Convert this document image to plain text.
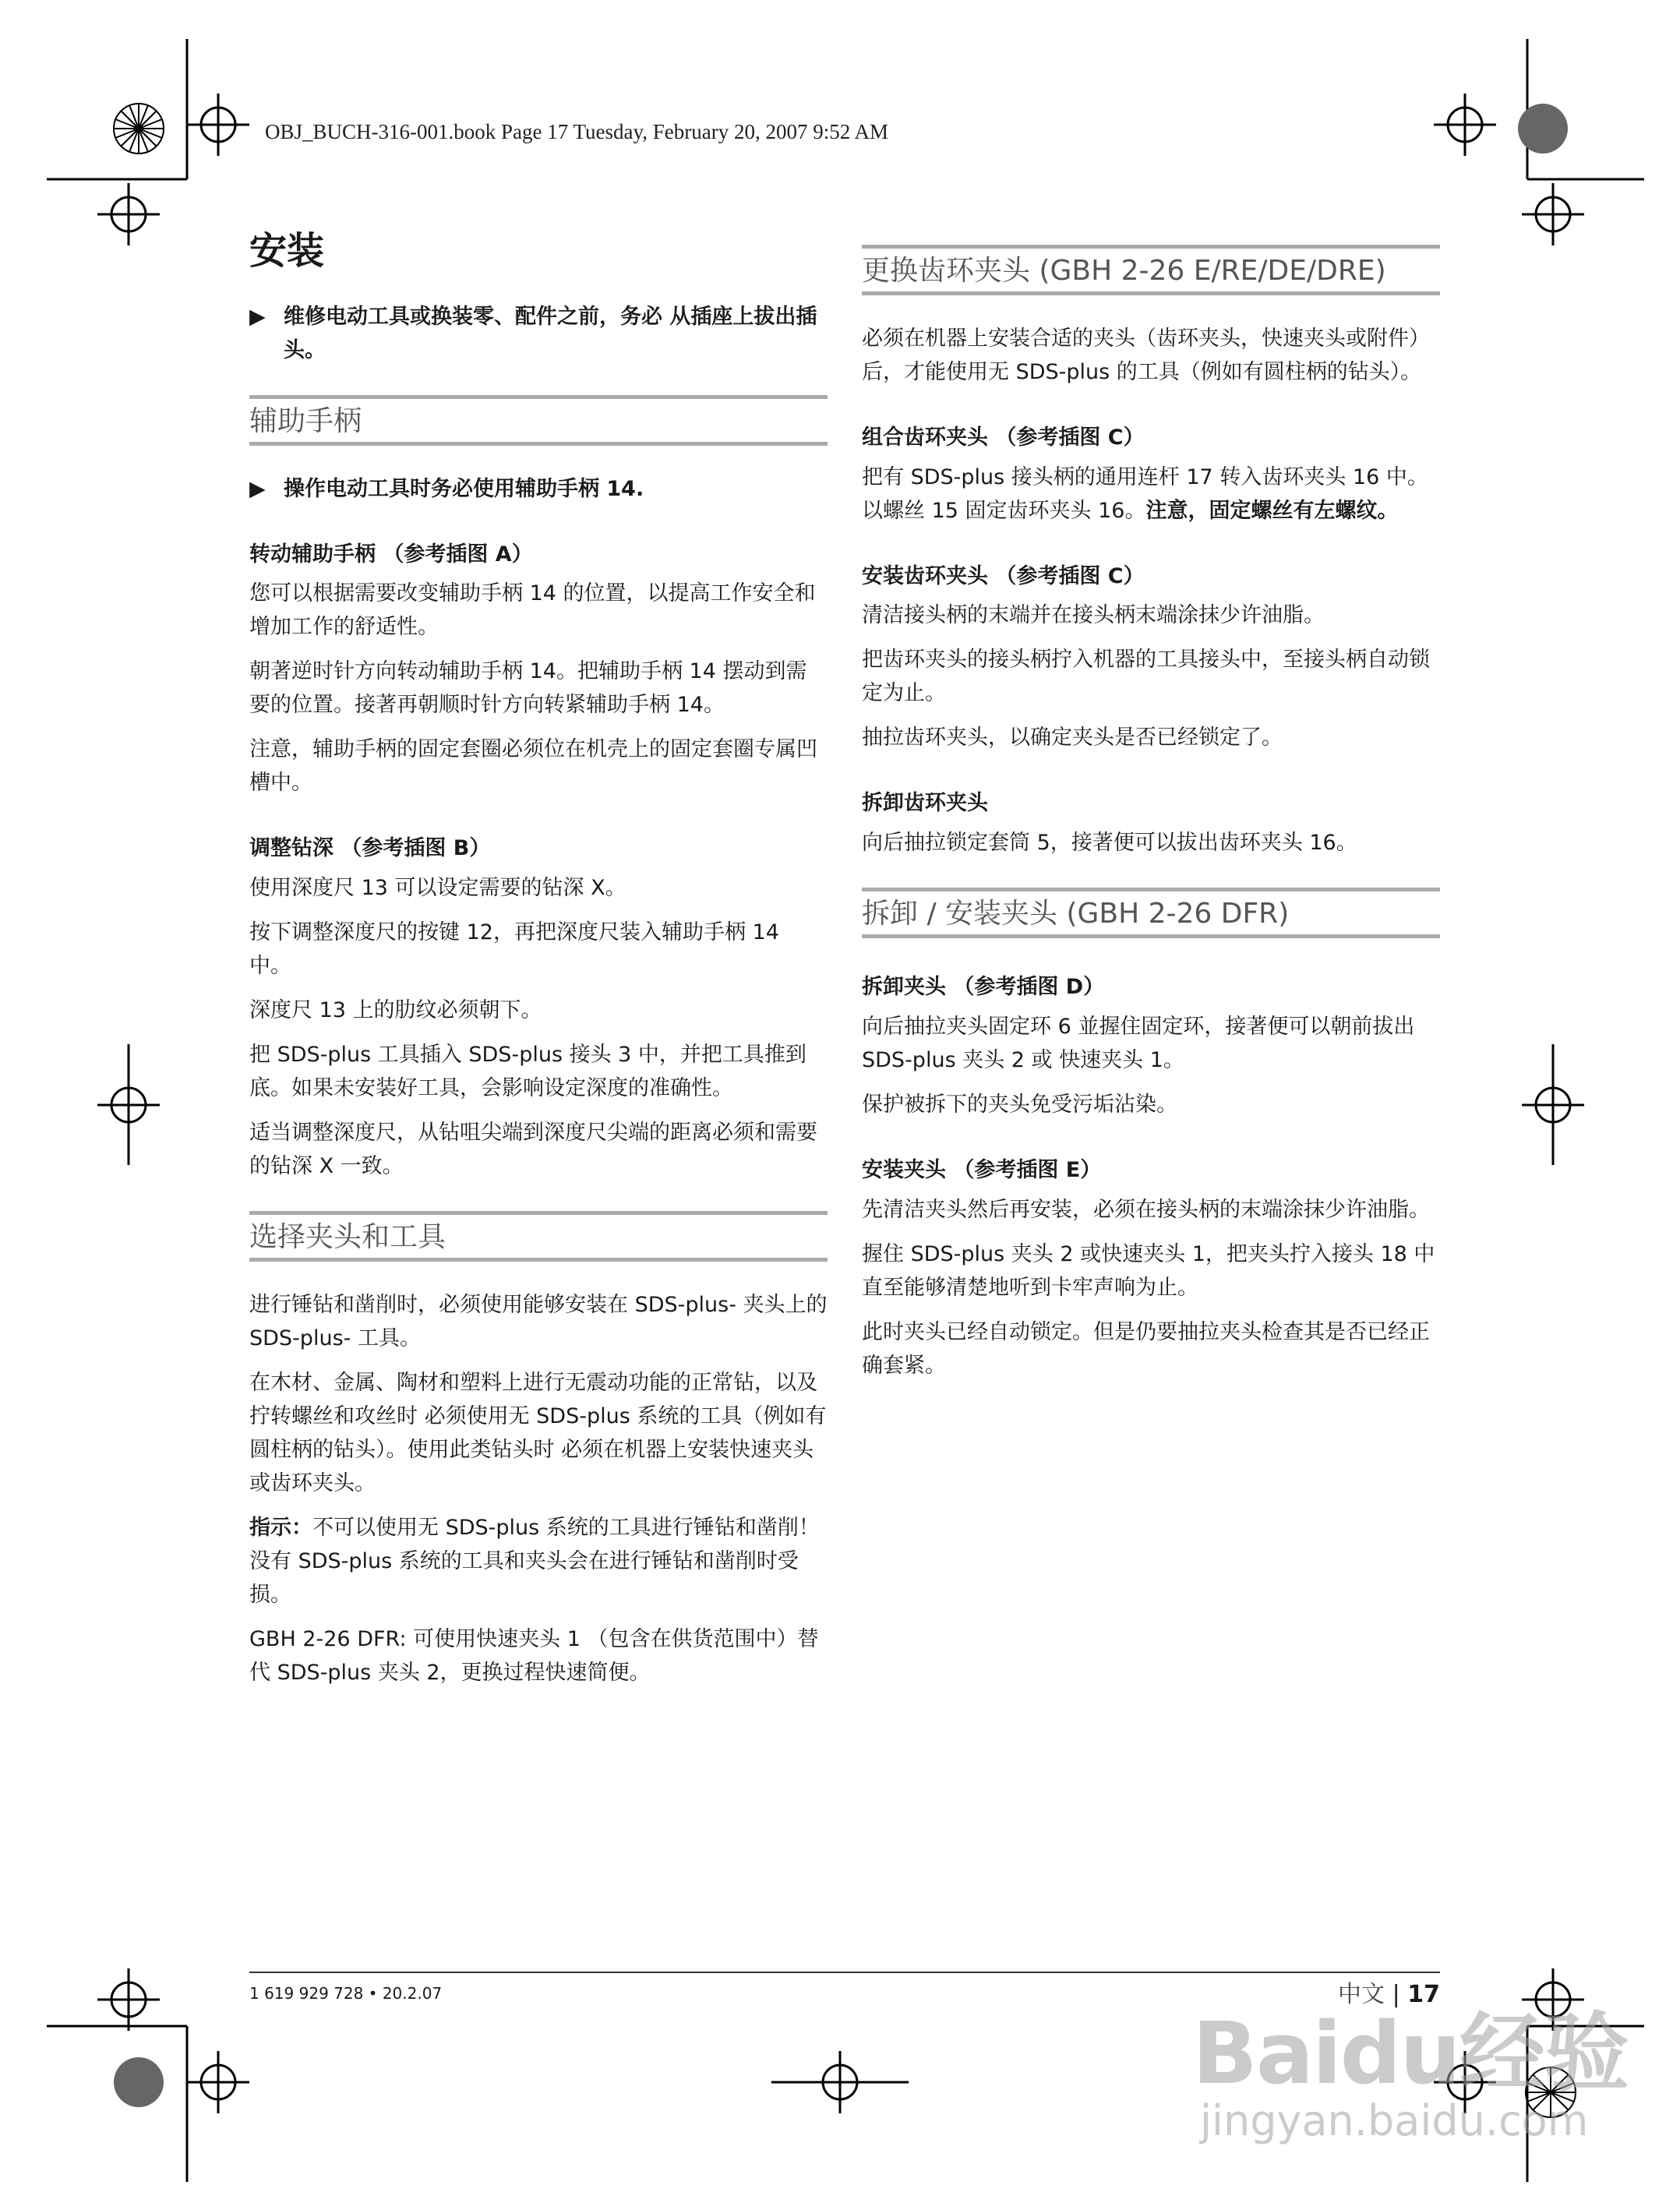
OBJ_BUCH-316-001.book Page 17 Tuesday, February 20, 2007 9:52 AM
安装
▶ 维修电动工具或换装零、配件之前，务必 从插座上拔出插头。
辅助手柄
▶ 操作电动工具时务必使用辅助手柄 14.
转动辅助手柄 （参考插图 A）
您可以根据需要改变辅助手柄 14 的位置，以提高工作安全和增加工作的舒适性。
朝著逆时针方向转动辅助手柄 14。把辅助手柄 14 摆动到需要的位置。接著再朝顺时针方向转紧辅助手柄 14。
注意，辅助手柄的固定套圈必须位在机壳上的固定套圈专属凹槽中。
调整钻深 （参考插图 B）
使用深度尺 13 可以设定需要的钻深 X。
按下调整深度尺的按键 12，再把深度尺装入辅助手柄 14 中。
深度尺 13 上的肋纹必须朝下。
把 SDS-plus 工具插入 SDS-plus 接头 3 中，并把工具推到底。如果未安装好工具，会影响设定深度的准确性。
适当调整深度尺，从钻咀尖端到深度尺尖端的距离必须和需要的钻深 X 一致。
选择夹头和工具
进行锤钻和凿削时，必须使用能够安装在 SDS-plus- 夹头上的 SDS-plus- 工具。
在木材、金属、陶材和塑料上进行无震动功能的正常钻，以及拧转螺丝和攻丝时 必须使用无 SDS-plus 系统的工具（例如有圆柱柄的钻头）。使用此类钻头时 必须在机器上安装快速夹头或齿环夹头。
指示：不可以使用无 SDS-plus 系统的工具进行锤钻和凿削！没有 SDS-plus 系统的工具和夹头会在进行锤钻和凿削时受损。
GBH 2-26 DFR: 可使用快速夹头 1 （包含在供货范围中）替代 SDS-plus 夹头 2，更换过程快速简便。
更换齿环夹头 (GBH 2-26 E/RE/DE/DRE)
必须在机器上安装合适的夹头（齿环夹头，快速夹头或附件）后，才能使用无 SDS-plus 的工具（例如有圆柱柄的钻头）。
组合齿环夹头 （参考插图 C）
把有 SDS-plus 接头柄的通用连杆 17 转入齿环夹头 16 中。以螺丝 15 固定齿环夹头 16。注意，固定螺丝有左螺纹。
安装齿环夹头 （参考插图 C）
清洁接头柄的末端并在接头柄末端涂抹少许油脂。
把齿环夹头的接头柄拧入机器的工具接头中，至接头柄自动锁定为止。
抽拉齿环夹头，以确定夹头是否已经锁定了。
拆卸齿环夹头
向后抽拉锁定套筒 5，接著便可以拔出齿环夹头 16。
拆卸 / 安装夹头 (GBH 2-26 DFR)
拆卸夹头 （参考插图 D）
向后抽拉夹头固定环 6 並握住固定环，接著便可以朝前拔出 SDS-plus 夹头 2 或 快速夹头 1。
保护被拆下的夹头免受污垢沾染。
安装夹头 （参考插图 E）
先清洁夹头然后再安装，必须在接头柄的末端涂抹少许油脂。
握住 SDS-plus 夹头 2 或快速夹头 1，把夹头拧入接头 18 中直至能够清楚地听到卡牢声响为止。
此时夹头已经自动锁定。但是仍要抽拉夹头检查其是否已经正确套紧。
1 619 929 728 • 20.2.07	中文 | 17
Baidu经验
jingyan.baidu.com
